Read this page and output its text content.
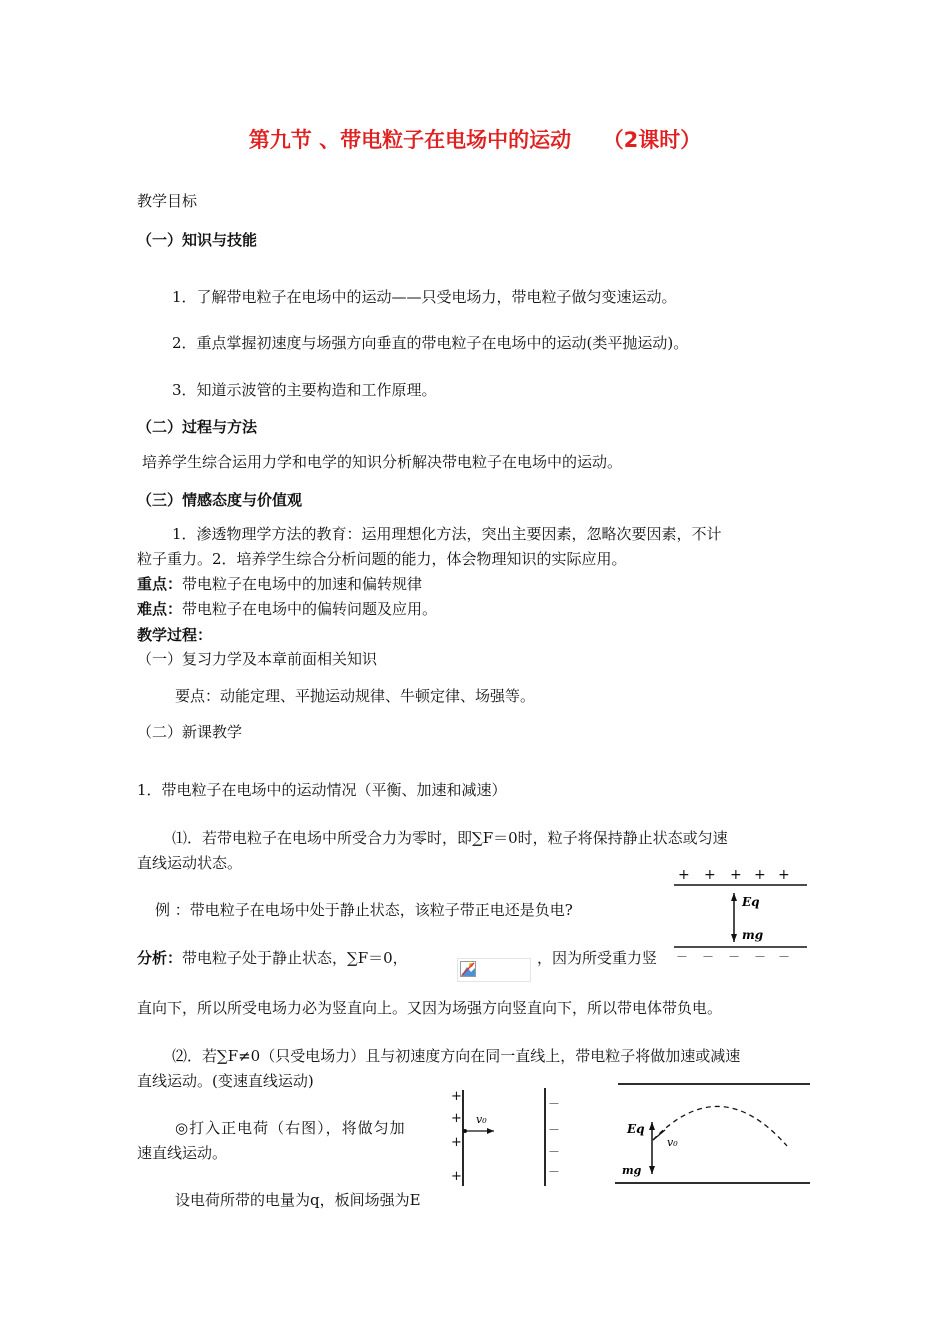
第九节 、带电粒子在电场中的运动　　（2课时）
教学目标
（一）知识与技能
1．了解带电粒子在电场中的运动——只受电场力，带电粒子做匀变速运动。
2．重点掌握初速度与场强方向垂直的带电粒子在电场中的运动(类平抛运动)。
3．知道示波管的主要构造和工作原理。
（二）过程与方法
培养学生综合运用力学和电学的知识分析解决带电粒子在电场中的运动。
（三）情感态度与价值观
1．渗透物理学方法的教育：运用理想化方法，突出主要因素，忽略次要因素，不计
粒子重力。2．培养学生综合分析问题的能力，体会物理知识的实际应用。
重点：带电粒子在电场中的加速和偏转规律
难点：带电粒子在电场中的偏转问题及应用。
教学过程：
（一）复习力学及本章前面相关知识
要点：动能定理、平抛运动规律、牛顿定律、场强等。
（二）新课教学
1．带电粒子在电场中的运动情况（平衡、加速和减速）
⑴．若带电粒子在电场中所受合力为零时，即∑F＝0时，粒子将保持静止状态或匀速
直线运动状态。
例 ：带电粒子在电场中处于静止状态，该粒子带正电还是负电?
分析：带电粒子处于静止状态，∑F＝0，	，因为所受重力竖
直向下，所以所受电场力必为竖直向上。又因为场强方向竖直向下，所以带电体带负电。
⑵．若∑F≠0（只受电场力）且与初速度方向在同一直线上，带电粒子将做加速或减速
直线运动。(变速直线运动)
◎打入正电荷（右图），将做匀加
速直线运动。
设电荷所带的电量为q，板间场强为E
+ + + + +
Eq
mg
－ － － － －
+
+
+
+
v₀
－
－
－
－
Eq
v₀
mg
